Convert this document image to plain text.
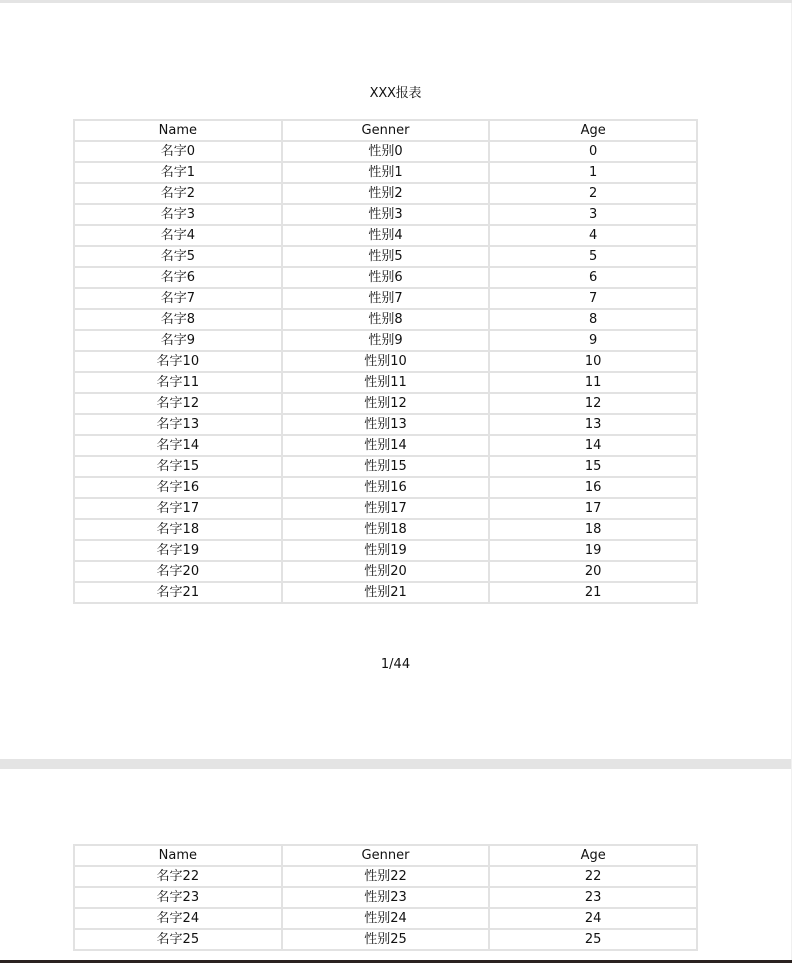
XXX报表
Name	Genner	Age
名字0	性别0	0
名字1	性别1	1
名字2	性别2	2
名字3	性别3	3
名字4	性别4	4
名字5	性别5	5
名字6	性别6	6
名字7	性别7	7
名字8	性别8	8
名字9	性别9	9
名字10	性别10	10
名字11	性别11	11
名字12	性别12	12
名字13	性别13	13
名字14	性别14	14
名字15	性别15	15
名字16	性别16	16
名字17	性别17	17
名字18	性别18	18
名字19	性别19	19
名字20	性别20	20
名字21	性别21	21
1/44
Name	Genner	Age
名字22	性别22	22
名字23	性别23	23
名字24	性别24	24
名字25	性别25	25
